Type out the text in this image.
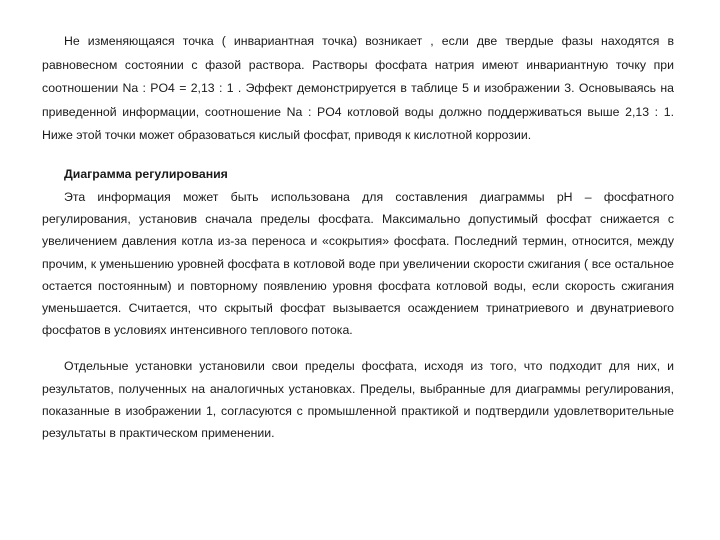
Не изменяющаяся точка ( инвариантная точка) возникает , если две твердые фазы находятся в равновесном состоянии с фазой раствора. Растворы фосфата натрия имеют инвариантную точку при соотношении Na : PO4 = 2,13 : 1 . Эффект демонстрируется в таблице 5 и изображении 3. Основываясь на приведенной информации, соотношение Na : PO4 котловой воды должно поддерживаться выше 2,13 : 1. Ниже этой точки может образоваться кислый фосфат, приводя к кислотной коррозии.

Диаграмма регулирования

Эта информация может быть использована для составления диаграммы pH – фосфатного регулирования, установив сначала пределы фосфата. Максимально допустимый фосфат снижается с увеличением давления котла из-за переноса и «сокрытия» фосфата. Последний термин, относится, между прочим, к уменьшению уровней фосфата в котловой воде при увеличении скорости сжигания ( все остальное остается постоянным) и повторному появлению уровня фосфата котловой воды, если скорость сжигания уменьшается. Считается, что скрытый фосфат вызывается осаждением тринатриевого и двунатриевого фосфатов в условиях интенсивного теплового потока.

Отдельные установки установили свои пределы фосфата, исходя из того, что подходит для них, и результатов, полученных на аналогичных установках. Пределы, выбранные для диаграммы регулирования, показанные в изображении 1, согласуются с промышленной практикой и подтвердили удовлетворительные результаты в практическом применении.
